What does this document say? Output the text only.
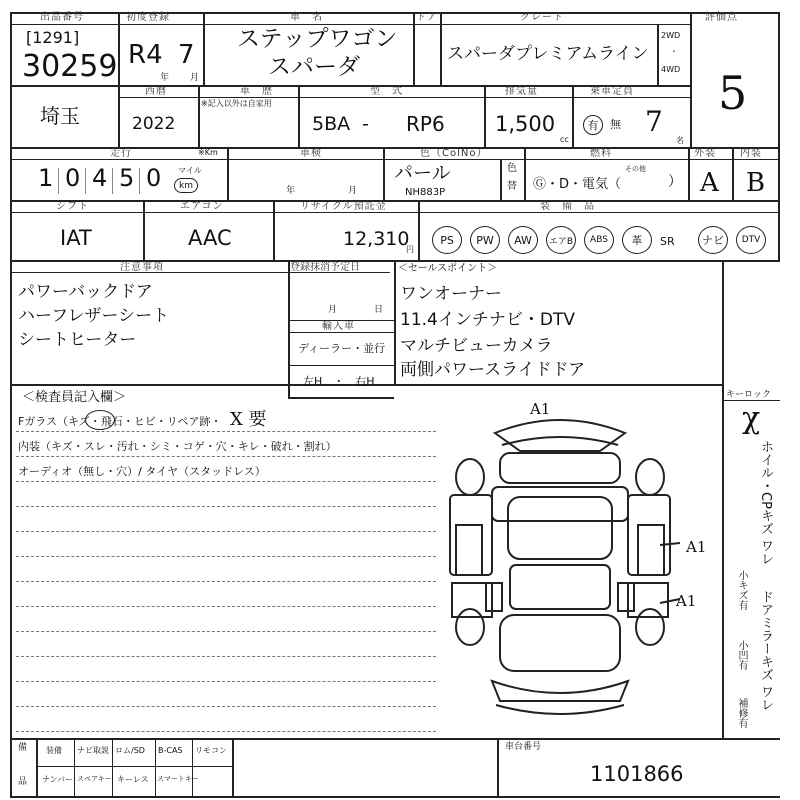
出品番号
[1291]
30259
初度登録
R4 7
年 月
車　名
ステップワゴン
スパーダ
ドア	グレード
スパーダプレミアムライン
2WD
・
4WD
評価点
5
埼玉
西暦
2022
車　歴
※記入以外は自家用
型　式
5BA - RP6
排気量
1,500
cc
乗車定員
有 無 7
名
走行	※Km
1 0 4 5 0 マイル
km
車検
年	月
色（ColNo）
パール
NH883P
色
替
燃料
Ⓖ・D・電気（	）
その他
外装 内装
A B
シフト
IAT
エアコン
AAC
リサイクル預託金
12,310
円
装　備　品
PS	PW	AW	エアB	ABS	革	SR	ナビ	DTV
注意事項
パワーバックドア
ハーフレザーシート
シートヒーター
登録抹消予定日
月	日
輸入車
ディーラー・並行
左H　・　右H
＜セールスポイント＞
ワンオーナー
11.4インチナビ・DTV
マルチビューカメラ
両側パワースライドドア
＜検査員記入欄＞
Fガラス（キズ・飛石・ヒビ・リペア跡・ X 要
内装（キズ・スレ・汚れ・シミ・コゲ・穴・キレ・破れ・割れ）
オーディオ（無し・穴）/ タイヤ（スタッドレス）
A1
A1
A1
キーロック
χ
ホイル・CPキズ ワレ
ドアミラーキズ ワレ
小キズ有
小凹有
補修有
備
品
装備 ナビ取説 ロム/SD B-CAS リモコン
ナンバー スペアキー キーレス スマートキー
車台番号
1101866
